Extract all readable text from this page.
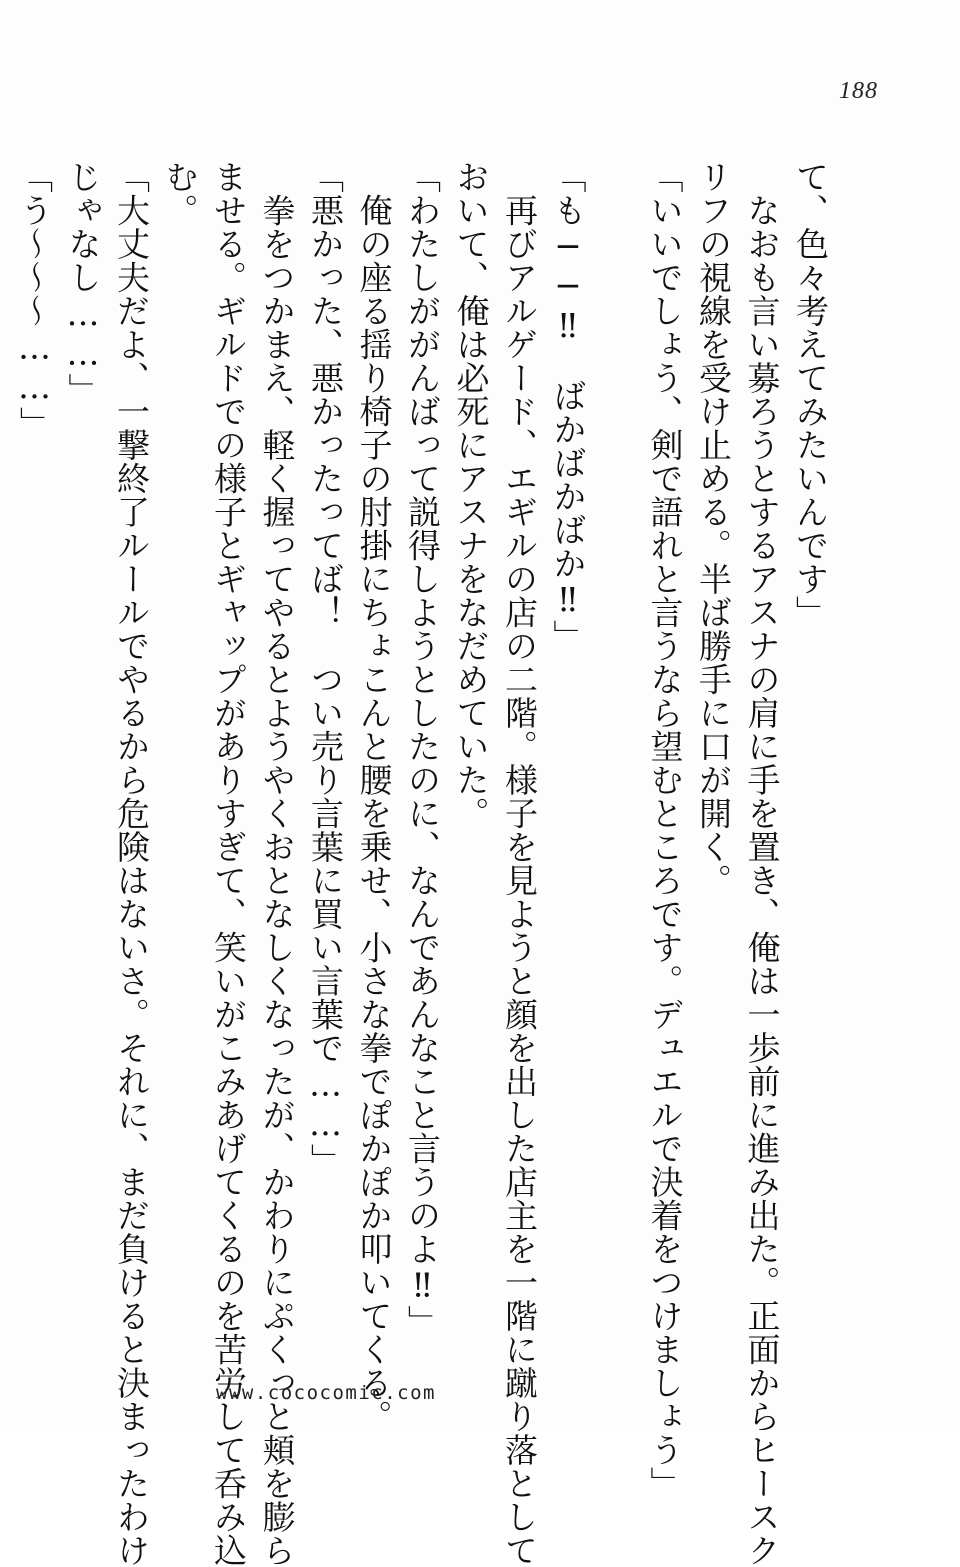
188
て、色々考えてみたいんです」
　なおも言い募ろうとするアスナの肩に手を置き、俺は一歩前に進み出た。正面からヒースク
リフの視線を受け止める。半ば勝手に口が開く。
「いいでしょう、剣で語れと言うなら望むところです。デュエルで決着をつけましょう」
「も──‼　ばかばかばか‼」
　再びアルゲード、エギルの店の二階。様子を見ようと顔を出した店主を一階に蹴り落として
おいて、俺は必死にアスナをなだめていた。
「わたしががんばって説得しようとしたのに、なんであんなこと言うのよ‼」
　俺の座る揺り椅子の肘掛にちょこんと腰を乗せ、小さな拳でぽかぽか叩いてくる。
「悪かった、悪かったってば！　つい売り言葉に買い言葉で……」
　拳をつかまえ、軽く握ってやるとようやくおとなしくなったが、かわりにぷくっと頬を膨ら
ませる。ギルドでの様子とギャップがありすぎて、笑いがこみあげてくるのを苦労して呑み込
む。
「大丈夫だよ、一撃終了ルールでやるから危険はないさ。それに、まだ負けると決まったわけ
じゃなし……」
「う～～～……」
www.cococomic.com
